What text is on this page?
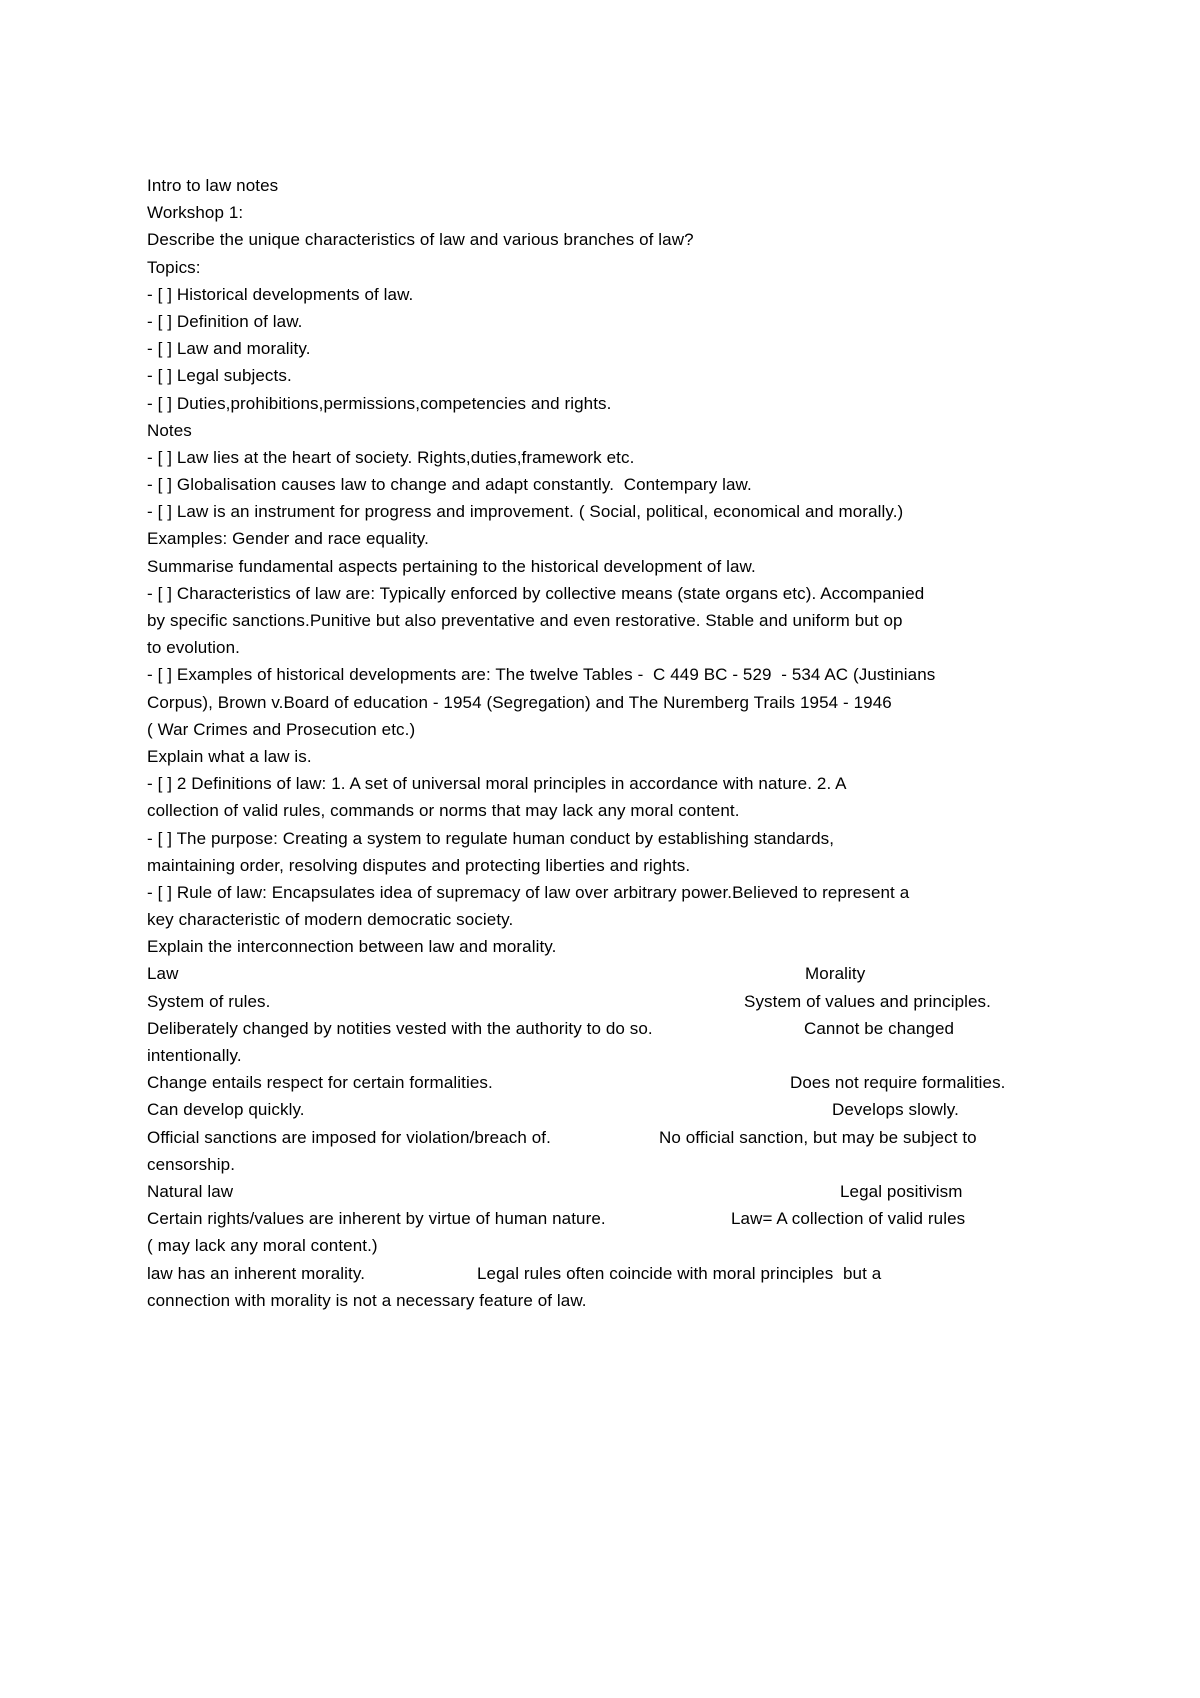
Intro to law notes
Workshop 1:
Describe the unique characteristics of law and various branches of law?
Topics:
- [ ] Historical developments of law.
- [ ] Definition of law.
- [ ] Law and morality.
- [ ] Legal subjects.
- [ ] Duties,prohibitions,permissions,competencies and rights.
Notes
- [ ] Law lies at the heart of society. Rights,duties,framework etc.
- [ ] Globalisation causes law to change and adapt constantly.  Contempary law.
- [ ] Law is an instrument for progress and improvement. ( Social, political, economical and morally.)
Examples: Gender and race equality.
Summarise fundamental aspects pertaining to the historical development of law.
- [ ] Characteristics of law are: Typically enforced by collective means (state organs etc). Accompanied
by specific sanctions.Punitive but also preventative and even restorative. Stable and uniform but op
to evolution.
- [ ] Examples of historical developments are: The twelve Tables -  C 449 BC - 529  - 534 AC (Justinians
Corpus), Brown v.Board of education - 1954 (Segregation) and The Nuremberg Trails 1954 - 1946
( War Crimes and Prosecution etc.)
Explain what a law is.
- [ ] 2 Definitions of law: 1. A set of universal moral principles in accordance with nature. 2. A
collection of valid rules, commands or norms that may lack any moral content.
- [ ] The purpose: Creating a system to regulate human conduct by establishing standards,
maintaining order, resolving disputes and protecting liberties and rights.
- [ ] Rule of law: Encapsulates idea of supremacy of law over arbitrary power.Believed to represent a
key characteristic of modern democratic society.
Explain the interconnection between law and morality.
Law	Morality
System of rules.	System of values and principles.
Deliberately changed by notities vested with the authority to do so.	Cannot be changed
intentionally.
Change entails respect for certain formalities.	Does not require formalities.
Can develop quickly.	Develops slowly.
Official sanctions are imposed for violation/breach of.	No official sanction, but may be subject to
censorship.
Natural law	Legal positivism
Certain rights/values are inherent by virtue of human nature.	Law= A collection of valid rules
( may lack any moral content.)
law has an inherent morality.	Legal rules often coincide with moral principles  but a
connection with morality is not a necessary feature of law.
